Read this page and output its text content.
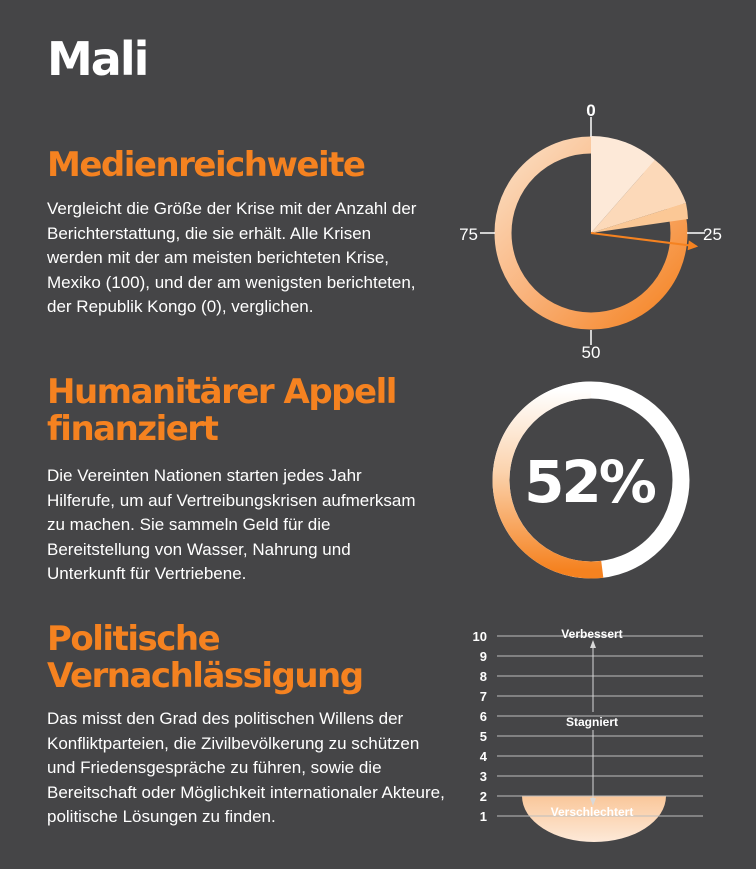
Mali
Medienreichweite
Vergleicht die Größe der Krise mit der Anzahl der Berichterstattung, die sie erhält. Alle Krisen werden mit der am meisten berichteten Krise, Mexiko (100), und der am wenigsten berichteten, der Republik Kongo (0), verglichen.
0
25
50
75
Humanitärer Appell
finanziert
Die Vereinten Nationen starten jedes Jahr Hilferufe, um auf Vertreibungskrisen aufmerksam zu machen. Sie sammeln Geld für die Bereitstellung von Wasser, Nahrung und Unterkunft für Vertriebene.
52%
Politische
Vernachlässigung
Das misst den Grad des politischen Willens der Konfliktparteien, die Zivilbevölkerung zu schützen und Friedensgespräche zu führen, sowie die Bereitschaft oder Möglichkeit internationaler Akteure, politische Lösungen zu finden.
10
9
8
7
6
5
4
3
2
1
Verbessert
Stagniert
Verschlechtert
